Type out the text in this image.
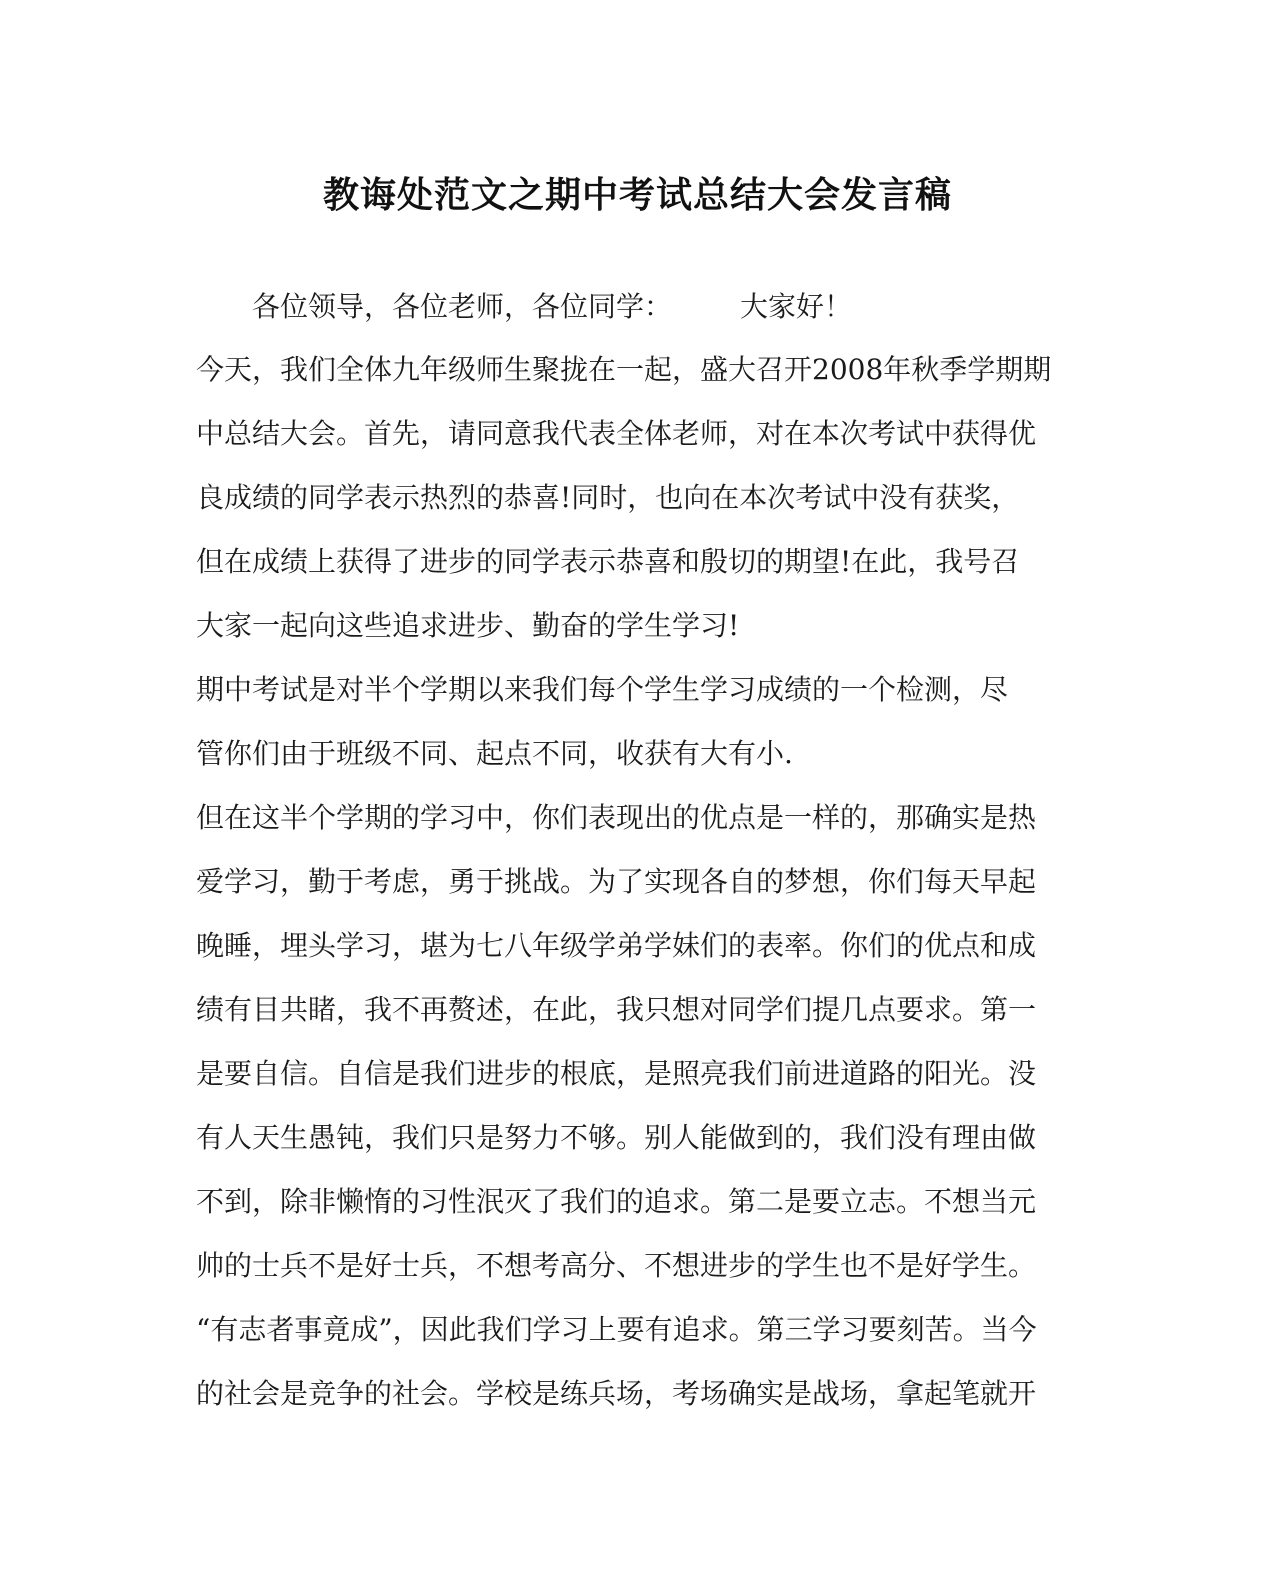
教诲处范文之期中考试总结大会发言稿
各位领导，各位老师，各位同学： 大家好！
今天，我们全体九年级师生聚拢在一起，盛大召开2008年秋季学期期
中总结大会。首先，请同意我代表全体老师，对在本次考试中获得优
良成绩的同学表示热烈的恭喜!同时，也向在本次考试中没有获奖，
但在成绩上获得了进步的同学表示恭喜和殷切的期望!在此，我号召
大家一起向这些追求进步、勤奋的学生学习!
期中考试是对半个学期以来我们每个学生学习成绩的一个检测，尽
管你们由于班级不同、起点不同，收获有大有小.
但在这半个学期的学习中，你们表现出的优点是一样的，那确实是热
爱学习，勤于考虑，勇于挑战。为了实现各自的梦想，你们每天早起
晚睡，埋头学习，堪为七八年级学弟学妹们的表率。你们的优点和成
绩有目共睹，我不再赘述，在此，我只想对同学们提几点要求。第一
是要自信。自信是我们进步的根底，是照亮我们前进道路的阳光。没
有人天生愚钝，我们只是努力不够。别人能做到的，我们没有理由做
不到，除非懒惰的习性泯灭了我们的追求。第二是要立志。不想当元
帅的士兵不是好士兵，不想考高分、不想进步的学生也不是好学生。
“有志者事竟成”，因此我们学习上要有追求。第三学习要刻苦。当今
的社会是竞争的社会。学校是练兵场，考场确实是战场，拿起笔就开
